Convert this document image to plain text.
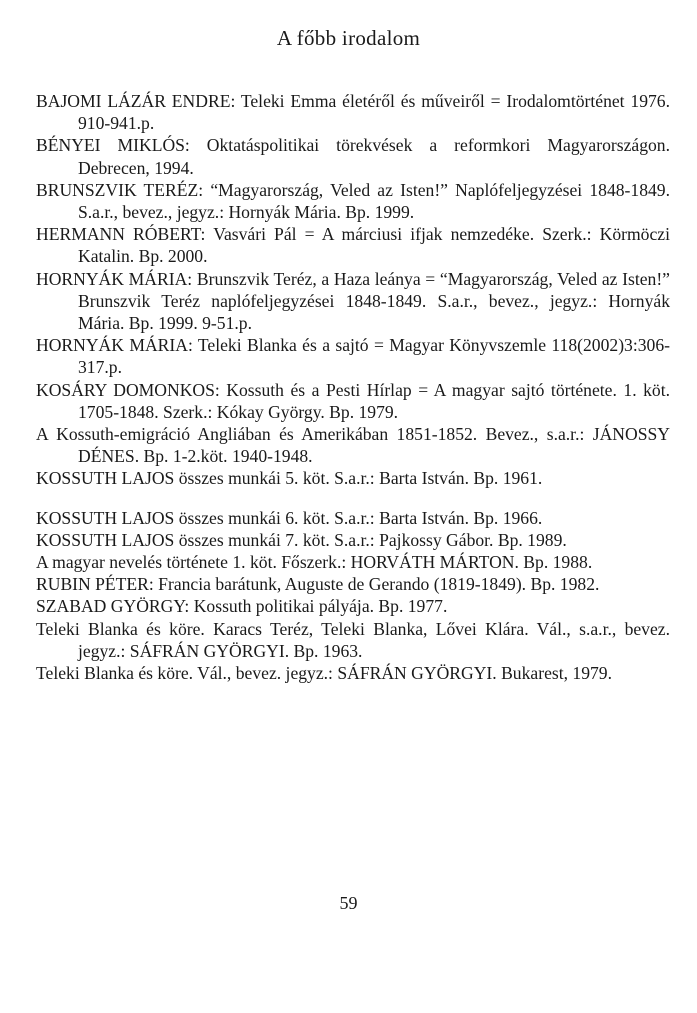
A főbb irodalom
BAJOMI LÁZÁR ENDRE: Teleki Emma életéről és műveiről = Irodalomtörténet 1976. 910-941.p.
BÉNYEI MIKLÓS: Oktatáspolitikai törekvések a reformkori Magyarországon. Debrecen, 1994.
BRUNSZVIK TERÉZ: “Magyarország, Veled az Isten!” Naplófeljegyzései 1848-1849. S.a.r., bevez., jegyz.: Hornyák Mária. Bp. 1999.
HERMANN RÓBERT: Vasvári Pál = A márciusi ifjak nemzedéke. Szerk.: Körmöczi Katalin. Bp. 2000.
HORNYÁK MÁRIA: Brunszvik Teréz, a Haza leánya = “Magyarország, Veled az Isten!” Brunszvik Teréz naplófeljegyzései 1848-1849. S.a.r., bevez., jegyz.: Hornyák Mária. Bp. 1999. 9-51.p.
HORNYÁK MÁRIA: Teleki Blanka és a sajtó = Magyar Könyvszemle 118(2002)3:306-317.p.
KOSÁRY DOMONKOS: Kossuth és a Pesti Hírlap = A magyar sajtó története. 1. köt. 1705-1848. Szerk.: Kókay György. Bp. 1979.
A Kossuth-emigráció Angliában és Amerikában 1851-1852. Bevez., s.a.r.: JÁNOSSY DÉNES. Bp. 1-2.köt. 1940-1948.
KOSSUTH LAJOS összes munkái 5. köt. S.a.r.: Barta István. Bp. 1961.
KOSSUTH LAJOS összes munkái 6. köt. S.a.r.: Barta István. Bp. 1966.
KOSSUTH LAJOS összes munkái 7. köt. S.a.r.: Pajkossy Gábor. Bp. 1989.
A magyar nevelés története 1. köt. Főszerk.: HORVÁTH MÁRTON. Bp. 1988.
RUBIN PÉTER: Francia barátunk, Auguste de Gerando (1819-1849). Bp. 1982.
SZABAD GYÖRGY: Kossuth politikai pályája. Bp. 1977.
Teleki Blanka és köre. Karacs Teréz, Teleki Blanka, Lővei Klára. Vál., s.a.r., bevez. jegyz.: SÁFRÁN GYÖRGYI. Bp. 1963.
Teleki Blanka és köre. Vál., bevez. jegyz.: SÁFRÁN GYÖRGYI. Bukarest, 1979.
59
